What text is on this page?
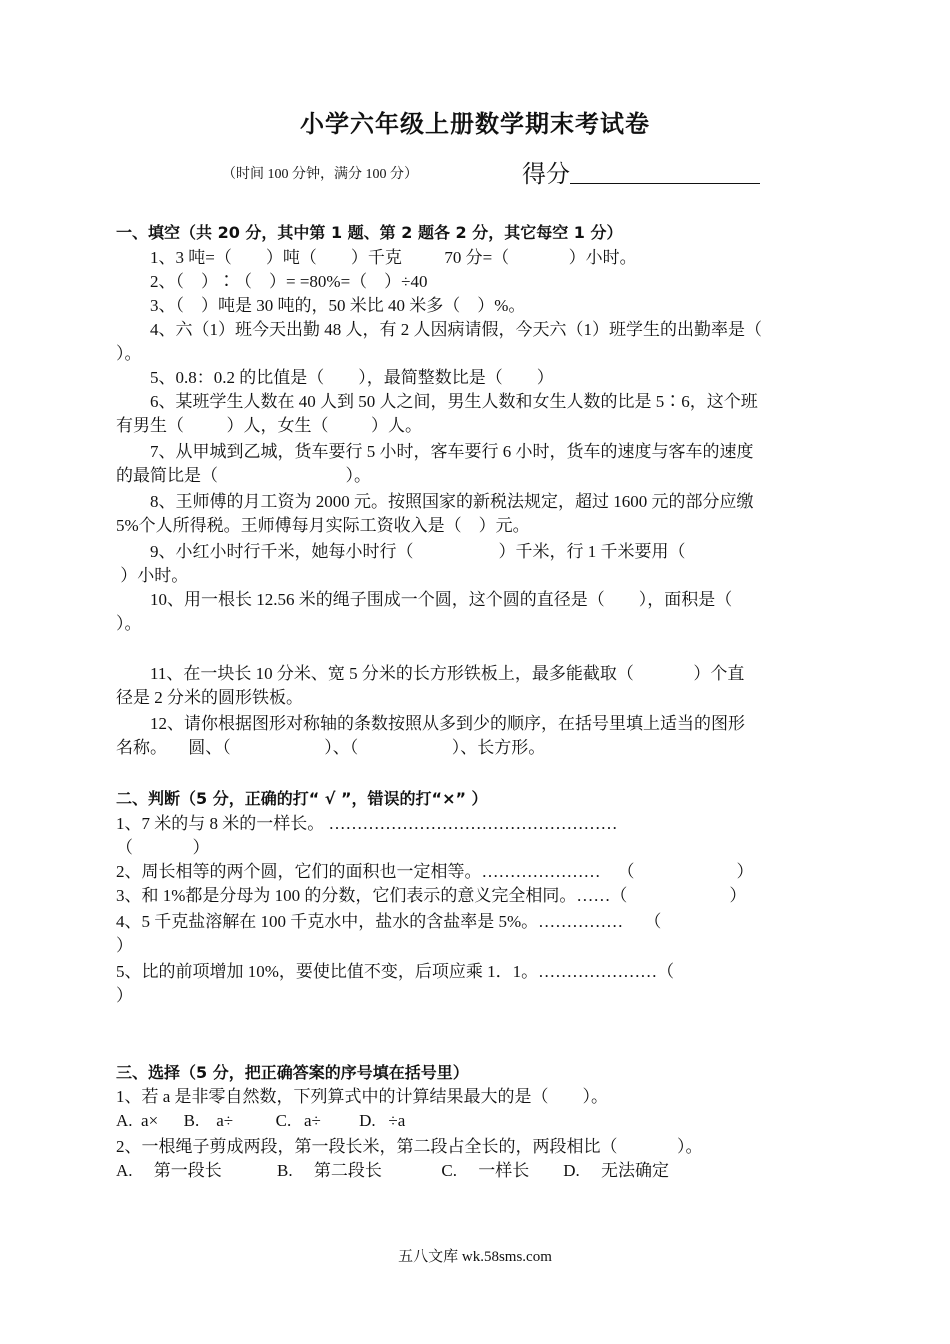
小学六年级上册数学期末考试卷
（时间 100 分钟，满分 100 分）	得分
一、填空（共 20 分，其中第 1 题、第 2 题各 2 分，其它每空 1 分）
1、3 吨=（        ）吨（        ）千克          70 分=（              ）小时。
2、（    ）∶（    ）= =80%=（    ）÷40
3、（    ）吨是 30 吨的，50 米比 40 米多（    ）%。
4、六（1）班今天出勤 48 人，有 2 人因病请假，今天六（1）班学生的出勤率是（
）。
5、0.8：0.2 的比值是（        ），最简整数比是（        ）
6、某班学生人数在 40 人到 50 人之间，男生人数和女生人数的比是 5∶6，这个班
有男生（          ）人，女生（          ）人。
7、从甲城到乙城，货车要行 5 小时，客车要行 6 小时，货车的速度与客车的速度
的最简比是（                              ）。
8、王师傅的月工资为 2000 元。按照国家的新税法规定，超过 1600 元的部分应缴
5%个人所得税。王师傅每月实际工资收入是（    ）元。
9、小红小时行千米，她每小时行（                    ）千米，行 1 千米要用（
）小时。
10、用一根长 12.56 米的绳子围成一个圆，这个圆的直径是（        ），面积是（
）。
11、在一块长 10 分米、宽 5 分米的长方形铁板上，最多能截取（              ）个直
径是 2 分米的圆形铁板。
12、请你根据图形对称轴的条数按照从多到少的顺序，在括号里填上适当的图形
名称。     圆、（                      ）、（                      ）、长方形。
二、判断（5 分，正确的打“ √ ”，错误的打“×” ）
1、7 米的与 8 米的一样长。 ……………………………………………
（              ）
2、周长相等的两个圆，它们的面积也一定相等。…………………    （                        ）
3、和 1%都是分母为 100 的分数，它们表示的意义完全相同。……（                        ）
4、5 千克盐溶解在 100 千克水中，盐水的含盐率是 5%。……………     （
）
5、比的前项增加 10%，要使比值不变，后项应乘 1．1。…………………（
）
三、选择（5 分，把正确答案的序号填在括号里）
1、若 a 是非零自然数，下列算式中的计算结果最大的是（        ）。
A.  a×      B.    a÷          C.   a÷         D.   ÷a
2、一根绳子剪成两段，第一段长米，第二段占全长的，两段相比（              ）。
A.     第一段长             B.     第二段长              C.     一样长        D.     无法确定
五八文库 wk.58sms.com
